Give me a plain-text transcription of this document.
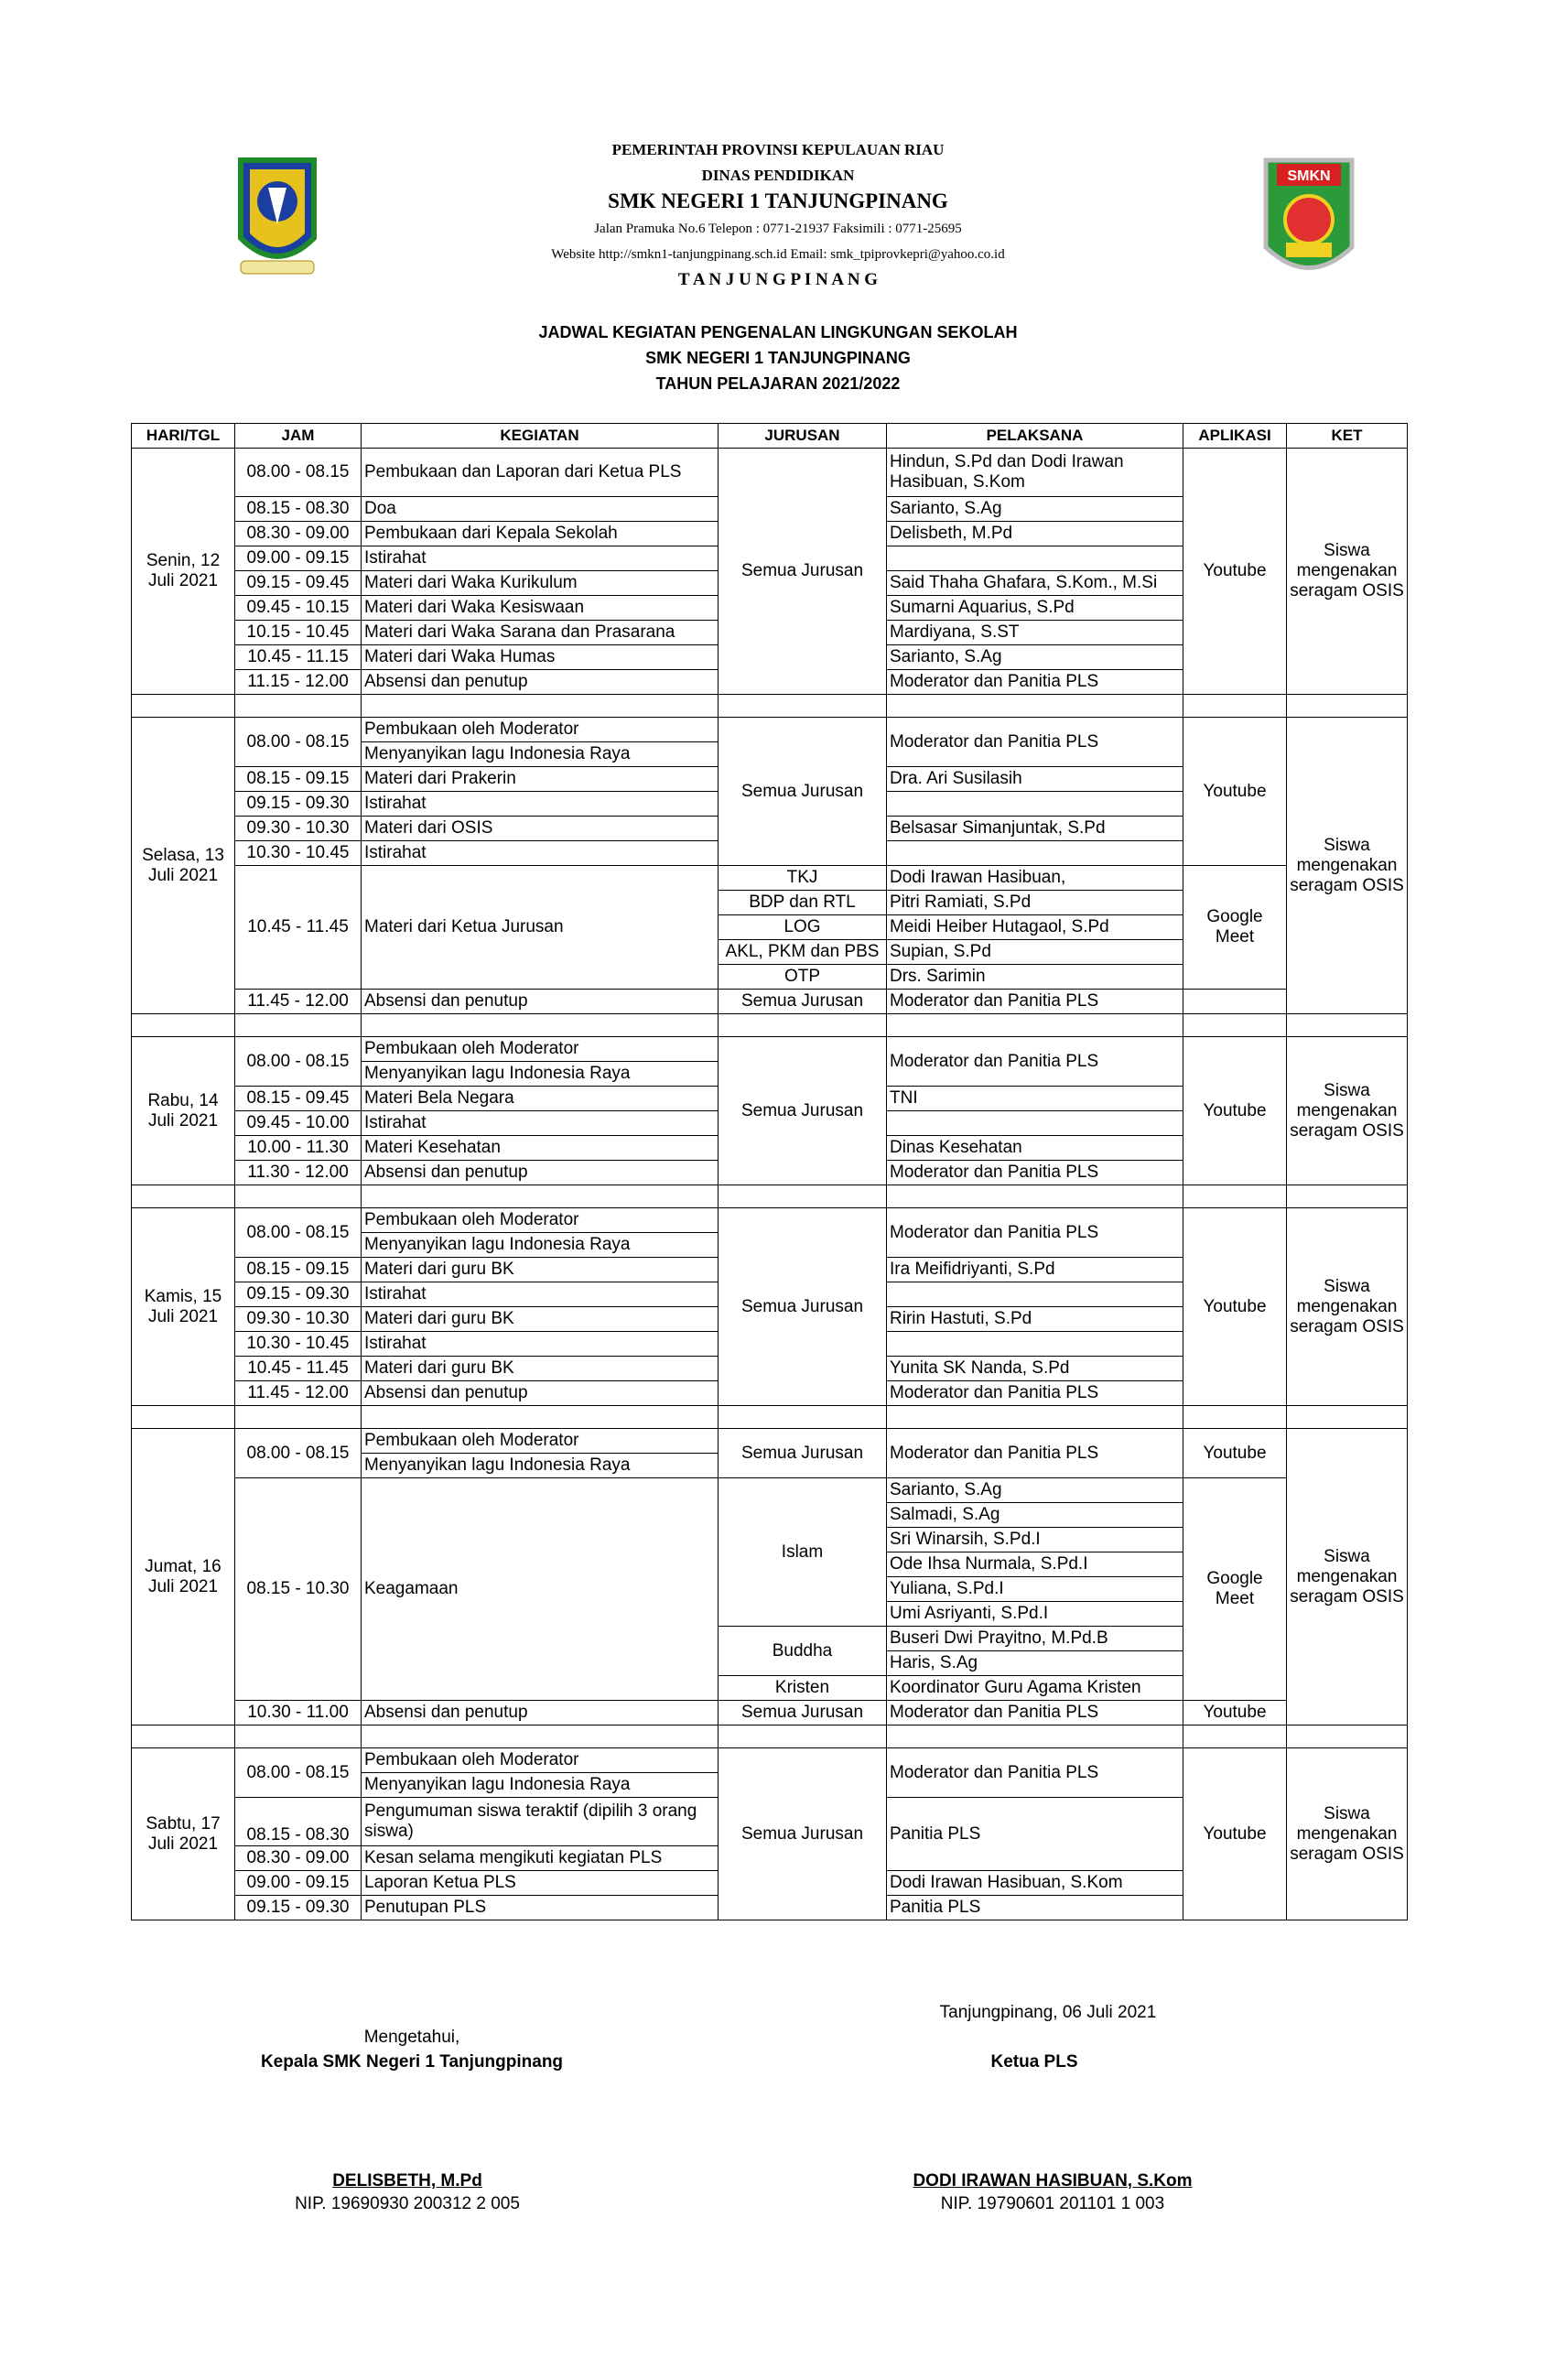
SMKN
PEMERINTAH PROVINSI KEPULAUAN RIAU
DINAS PENDIDIKAN
SMK NEGERI 1 TANJUNGPINANG
Jalan Pramuka No.6 Telepon : 0771-21937 Faksimili : 0771-25695
Website http://smkn1-tanjungpinang.sch.id Email: smk_tpiprovkepri@yahoo.co.id
T A N J U N G P I N A N G
JADWAL KEGIATAN PENGENALAN LINGKUNGAN SEKOLAH
SMK NEGERI 1 TANJUNGPINANG
TAHUN PELAJARAN 2021/2022
HARI/TGL	JAM	KEGIATAN	JURUSAN	PELAKSANA	APLIKASI	KET
Senin, 12 Juli 2021	08.00 - 08.15	Pembukaan dan Laporan dari Ketua PLS	Semua Jurusan	Hindun, S.Pd dan Dodi Irawan Hasibuan, S.Kom	Youtube	Siswa mengenakan seragam OSIS
	08.15 - 08.30	Doa		Sarianto, S.Ag		
	08.30 - 09.00	Pembukaan dari Kepala Sekolah		Delisbeth, M.Pd		
	09.00 - 09.15	Istirahat				
	09.15 - 09.45	Materi dari Waka Kurikulum		Said Thaha Ghafara, S.Kom., M.Si		
	09.45 - 10.15	Materi dari Waka Kesiswaan		Sumarni Aquarius, S.Pd		
	10.15 - 10.45	Materi dari Waka Sarana dan Prasarana		Mardiyana, S.ST		
	10.45 - 11.15	Materi dari Waka Humas		Sarianto, S.Ag		
	11.15 - 12.00	Absensi dan penutup		Moderator dan Panitia PLS		

Selasa, 13 Juli 2021	08.00 - 08.15	Pembukaan oleh Moderator	Semua Jurusan	Moderator dan Panitia PLS	Youtube	Siswa mengenakan seragam OSIS
		Menyanyikan lagu Indonesia Raya				
	08.15 - 09.15	Materi dari Prakerin		Dra. Ari Susilasih		
	09.15 - 09.30	Istirahat				
	09.30 - 10.30	Materi dari OSIS		Belsasar Simanjuntak, S.Pd		
	10.30 - 10.45	Istirahat				
	10.45 - 11.45	Materi dari Ketua Jurusan	TKJ	Dodi Irawan Hasibuan,	Google Meet	
			BDP dan RTL	Pitri Ramiati, S.Pd		
			LOG	Meidi Heiber Hutagaol, S.Pd		
			AKL, PKM dan PBS	Supian, S.Pd		
			OTP	Drs. Sarimin		
	11.45 - 12.00	Absensi dan penutup	Semua Jurusan	Moderator dan Panitia PLS		

Rabu, 14 Juli 2021	08.00 - 08.15	Pembukaan oleh Moderator	Semua Jurusan	Moderator dan Panitia PLS	Youtube	Siswa mengenakan seragam OSIS
		Menyanyikan lagu Indonesia Raya				
	08.15 - 09.45	Materi Bela Negara		TNI		
	09.45 - 10.00	Istirahat				
	10.00 - 11.30	Materi Kesehatan		Dinas Kesehatan		
	11.30 - 12.00	Absensi dan penutup		Moderator dan Panitia PLS		

Kamis, 15 Juli 2021	08.00 - 08.15	Pembukaan oleh Moderator	Semua Jurusan	Moderator dan Panitia PLS	Youtube	Siswa mengenakan seragam OSIS
		Menyanyikan lagu Indonesia Raya				
	08.15 - 09.15	Materi dari guru BK		Ira Meifidriyanti, S.Pd		
	09.15 - 09.30	Istirahat				
	09.30 - 10.30	Materi dari guru BK		Ririn Hastuti, S.Pd		
	10.30 - 10.45	Istirahat				
	10.45 - 11.45	Materi dari guru BK		Yunita SK Nanda, S.Pd		
	11.45 - 12.00	Absensi dan penutup		Moderator dan Panitia PLS		

Jumat, 16 Juli 2021	08.00 - 08.15	Pembukaan oleh Moderator	Semua Jurusan	Moderator dan Panitia PLS	Youtube	Siswa mengenakan seragam OSIS
		Menyanyikan lagu Indonesia Raya				
	08.15 - 10.30	Keagamaan	Islam	Sarianto, S.Ag	Google Meet	
				Salmadi, S.Ag		
				Sri Winarsih, S.Pd.I		
				Ode Ihsa Nurmala, S.Pd.I		
				Yuliana, S.Pd.I		
				Umi Asriyanti, S.Pd.I		
			Buddha	Buseri Dwi Prayitno, M.Pd.B		
				Haris, S.Ag		
			Kristen	Koordinator Guru Agama Kristen		
	10.30 - 11.00	Absensi dan penutup	Semua Jurusan	Moderator dan Panitia PLS	Youtube	

Sabtu, 17 Juli 2021	08.00 - 08.15	Pembukaan oleh Moderator	Semua Jurusan	Moderator dan Panitia PLS	Youtube	Siswa mengenakan seragam OSIS
		Menyanyikan lagu Indonesia Raya				
	08.15 - 08.30	Pengumuman siswa teraktif (dipilih 3 orang siswa)		Panitia PLS		
	08.30 - 09.00	Kesan selama mengikuti kegiatan PLS				
	09.00 - 09.15	Laporan Ketua PLS		Dodi Irawan Hasibuan, S.Kom		
	09.15 - 09.30	Penutupan PLS		Panitia PLS		
Tanjungpinang, 06 Juli 2021
Mengetahui,
Kepala SMK Negeri 1 Tanjungpinang	Ketua PLS
DELISBETH, M.Pd
NIP. 19690930 200312 2 005
DODI IRAWAN HASIBUAN, S.Kom
NIP. 19790601 201101 1 003
